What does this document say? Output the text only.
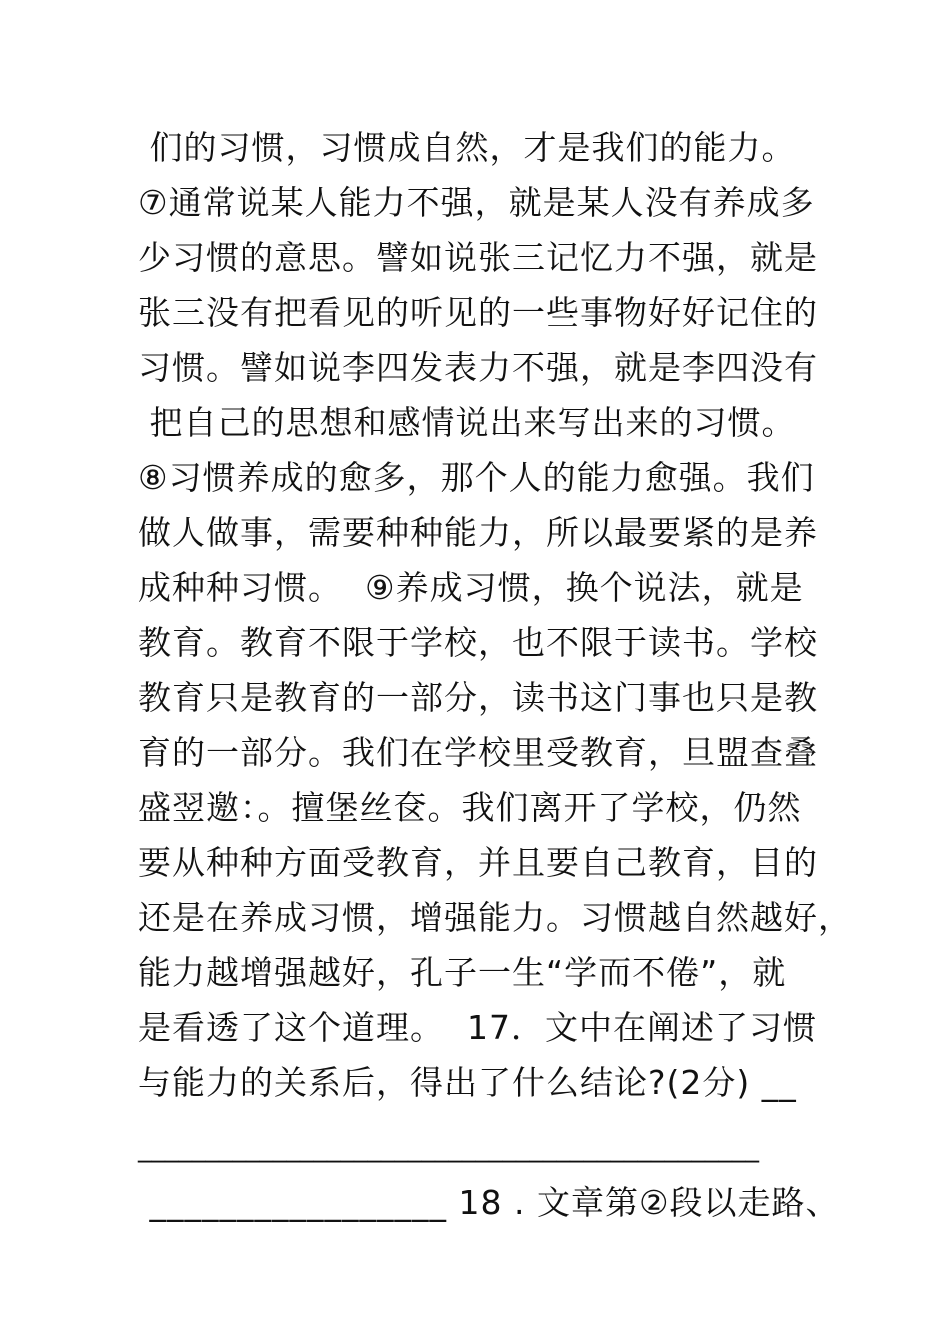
们的习惯，习惯成自然，才是我们的能力。
⑦通常说某人能力不强，就是某人没有养成多
少习惯的意思。譬如说张三记忆力不强，就是
张三没有把看见的听见的一些事物好好记住的
习惯。譬如说李四发表力不强，就是李四没有
把自己的思想和感情说出来写出来的习惯。
⑧习惯养成的愈多，那个人的能力愈强。我们
做人做事，需要种种能力，所以最要紧的是养
成种种习惯。  ⑨养成习惯，换个说法，就是
教育。教育不限于学校，也不限于读书。学校
教育只是教育的一部分，读书这门事也只是教
育的一部分。我们在学校里受教育，旦盟查叠
盛翌邀：。擅堡丝奁。我们离开了学校，仍然
要从种种方面受教育，并且要自己教育，目的
还是在养成习惯，增强能力。习惯越自然越好，
能力越增强越好，孔子一生“学而不倦”，就
是看透了这个道理。  17．文中在阐述了习惯
与能力的关系后，得出了什么结论?(2分) __
______________________________________________
_________________ 18 . 文章第②段以走路、
